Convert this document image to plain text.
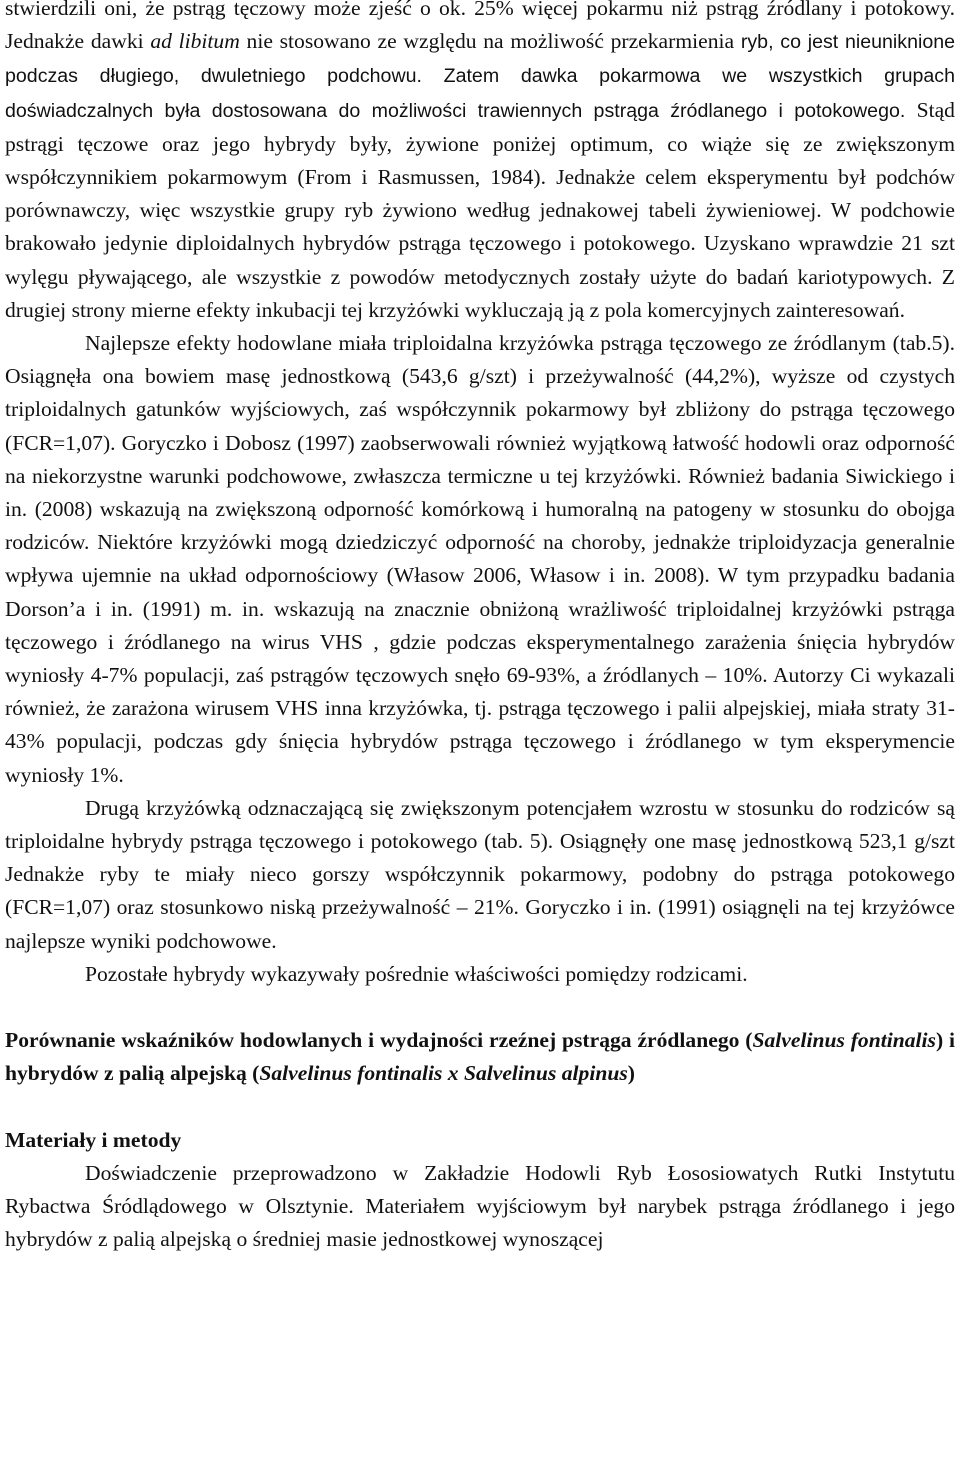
stwierdzili oni, że pstrąg tęczowy może zjeść o ok. 25% więcej pokarmu niż pstrąg źródlany i potokowy. Jednakże dawki ad libitum nie stosowano ze względu na możliwość przekarmienia ryb, co jest nieuniknione podczas długiego, dwuletniego podchowu. Zatem dawka pokarmowa we wszystkich grupach doświadczalnych była dostosowana do możliwości trawiennych pstrąga źródlanego i potokowego. Stąd pstrągi tęczowe oraz jego hybrydy były, żywione poniżej optimum, co wiąże się ze zwiększonym współczynnikiem pokarmowym (From i Rasmussen, 1984). Jednakże celem eksperymentu był podchów porównawczy, więc wszystkie grupy ryb żywiono według jednakowej tabeli żywieniowej. W podchowie brakowało jedynie diploidalnych hybrydów pstrąga tęczowego i potokowego. Uzyskano wprawdzie 21 szt wylęgu pływającego, ale wszystkie z powodów metodycznych zostały użyte do badań kariotypowych. Z drugiej strony mierne efekty inkubacji tej krzyżówki wykluczają ją z pola komercyjnych zainteresowań.

Najlepsze efekty hodowlane miała triploidalna krzyżówka pstrąga tęczowego ze źródlanym (tab.5). Osiągnęła ona bowiem masę jednostkową (543,6 g/szt) i przeżywalność (44,2%), wyższe od czystych triploidalnych gatunków wyjściowych, zaś współczynnik pokarmowy był zbliżony do pstrąga tęczowego (FCR=1,07). Goryczko i Dobosz (1997) zaobserwowali również wyjątkową łatwość hodowli oraz odporność na niekorzystne warunki podchowowe, zwłaszcza termiczne u tej krzyżówki. Również badania Siwickiego i in. (2008) wskazują na zwiększoną odporność komórkową i humoralną na patogeny w stosunku do obojga rodziców. Niektóre krzyżówki mogą dziedziczyć odporność na choroby, jednakże triploidyzacja generalnie wpływa ujemnie na układ odpornościowy (Własow 2006, Własow i in. 2008). W tym przypadku badania Dorson’a i in. (1991) m. in. wskazują na znacznie obniżoną wrażliwość triploidalnej krzyżówki pstrąga tęczowego i źródlanego na wirus VHS , gdzie podczas eksperymentalnego zarażenia śnięcia hybrydów wyniosły 4-7% populacji, zaś pstrągów tęczowych snęło 69-93%, a źródlanych – 10%. Autorzy Ci wykazali również, że zarażona wirusem VHS inna krzyżówka, tj. pstrąga tęczowego i palii alpejskiej, miała straty 31-43% populacji, podczas gdy śnięcia hybrydów pstrąga tęczowego i źródlanego w tym eksperymencie wyniosły 1%.

Drugą krzyżówką odznaczającą się zwiększonym potencjałem wzrostu w stosunku do rodziców są triploidalne hybrydy pstrąga tęczowego i potokowego (tab. 5). Osiągnęły one masę jednostkową 523,1 g/szt Jednakże ryby te miały nieco gorszy współczynnik pokarmowy, podobny do pstrąga potokowego (FCR=1,07) oraz stosunkowo niską przeżywalność – 21%. Goryczko i in. (1991) osiągnęli na tej krzyżówce najlepsze wyniki podchowowe.

Pozostałe hybrydy wykazywały pośrednie właściwości pomiędzy rodzicami.

Porównanie wskaźników hodowlanych i wydajności rzeźnej pstrąga źródlanego (Salvelinus fontinalis) i hybrydów z palią alpejską (Salvelinus fontinalis x Salvelinus alpinus)
Materiały i metody

Doświadczenie przeprowadzono w Zakładzie Hodowli Ryb Łososiowatych Rutki Instytutu Rybactwa Śródlądowego w Olsztynie. Materiałem wyjściowym był narybek pstrąga źródlanego i jego hybrydów z palią alpejską o średniej masie jednostkowej wynoszącej
